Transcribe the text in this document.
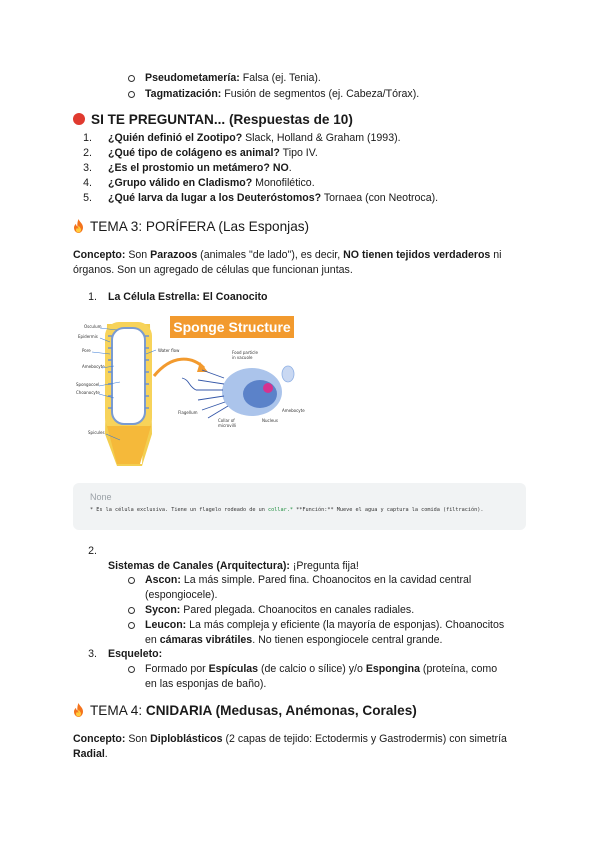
Pseudometamería: Falsa (ej. Tenia).
Tagmatización: Fusión de segmentos (ej. Cabeza/Tórax).
SI TE PREGUNTAN... (Respuestas de 10)
1. ¿Quién definió el Zootipo? Slack, Holland & Graham (1993).
2. ¿Qué tipo de colágeno es animal? Tipo IV.
3. ¿Es el prostomio un metámero? NO.
4. ¿Grupo válido en Cladismo? Monofilético.
5. ¿Qué larva da lugar a los Deuteróstomos? Tornaea (con Neotroca).
TEMA 3: PORÍFERA (Las Esponjas)
Concepto: Son Parazoos (animales "de lado"), es decir, NO tienen tejidos verdaderos ni
órganos. Son un agregado de células que funcionan juntas.
1. La Célula Estrella: El Coanocito
Osculum
Epidermis
Pore
Amebocyte
Spongocoel
Choanocyte
Spicules
Water flow
Sponge Structure
Food particle
in vacuole
Flagellum
Collar of
microvilli
Nucleus
Amebocyte
None
* Es la célula exclusiva. Tiene un flagelo rodeado de un collar.* **Función:** Mueve el agua y captura la comida (filtración).
2.
Sistemas de Canales (Arquitectura): ¡Pregunta fija!
Ascon: La más simple. Pared fina. Choanocitos en la cavidad central
(espongiocele).
Sycon: Pared plegada. Choanocitos en canales radiales.
Leucon: La más compleja y eficiente (la mayoría de esponjas). Choanocitos
en cámaras vibrátiles. No tienen espongiocele central grande.
3. Esqueleto:
Formado por Espículas (de calcio o sílice) y/o Espongina (proteína, como
en las esponjas de baño).
TEMA 4: CNIDARIA (Medusas, Anémonas, Corales)
Concepto: Son Diploblásticos (2 capas de tejido: Ectodermis y Gastrodermis) con simetría
Radial.
